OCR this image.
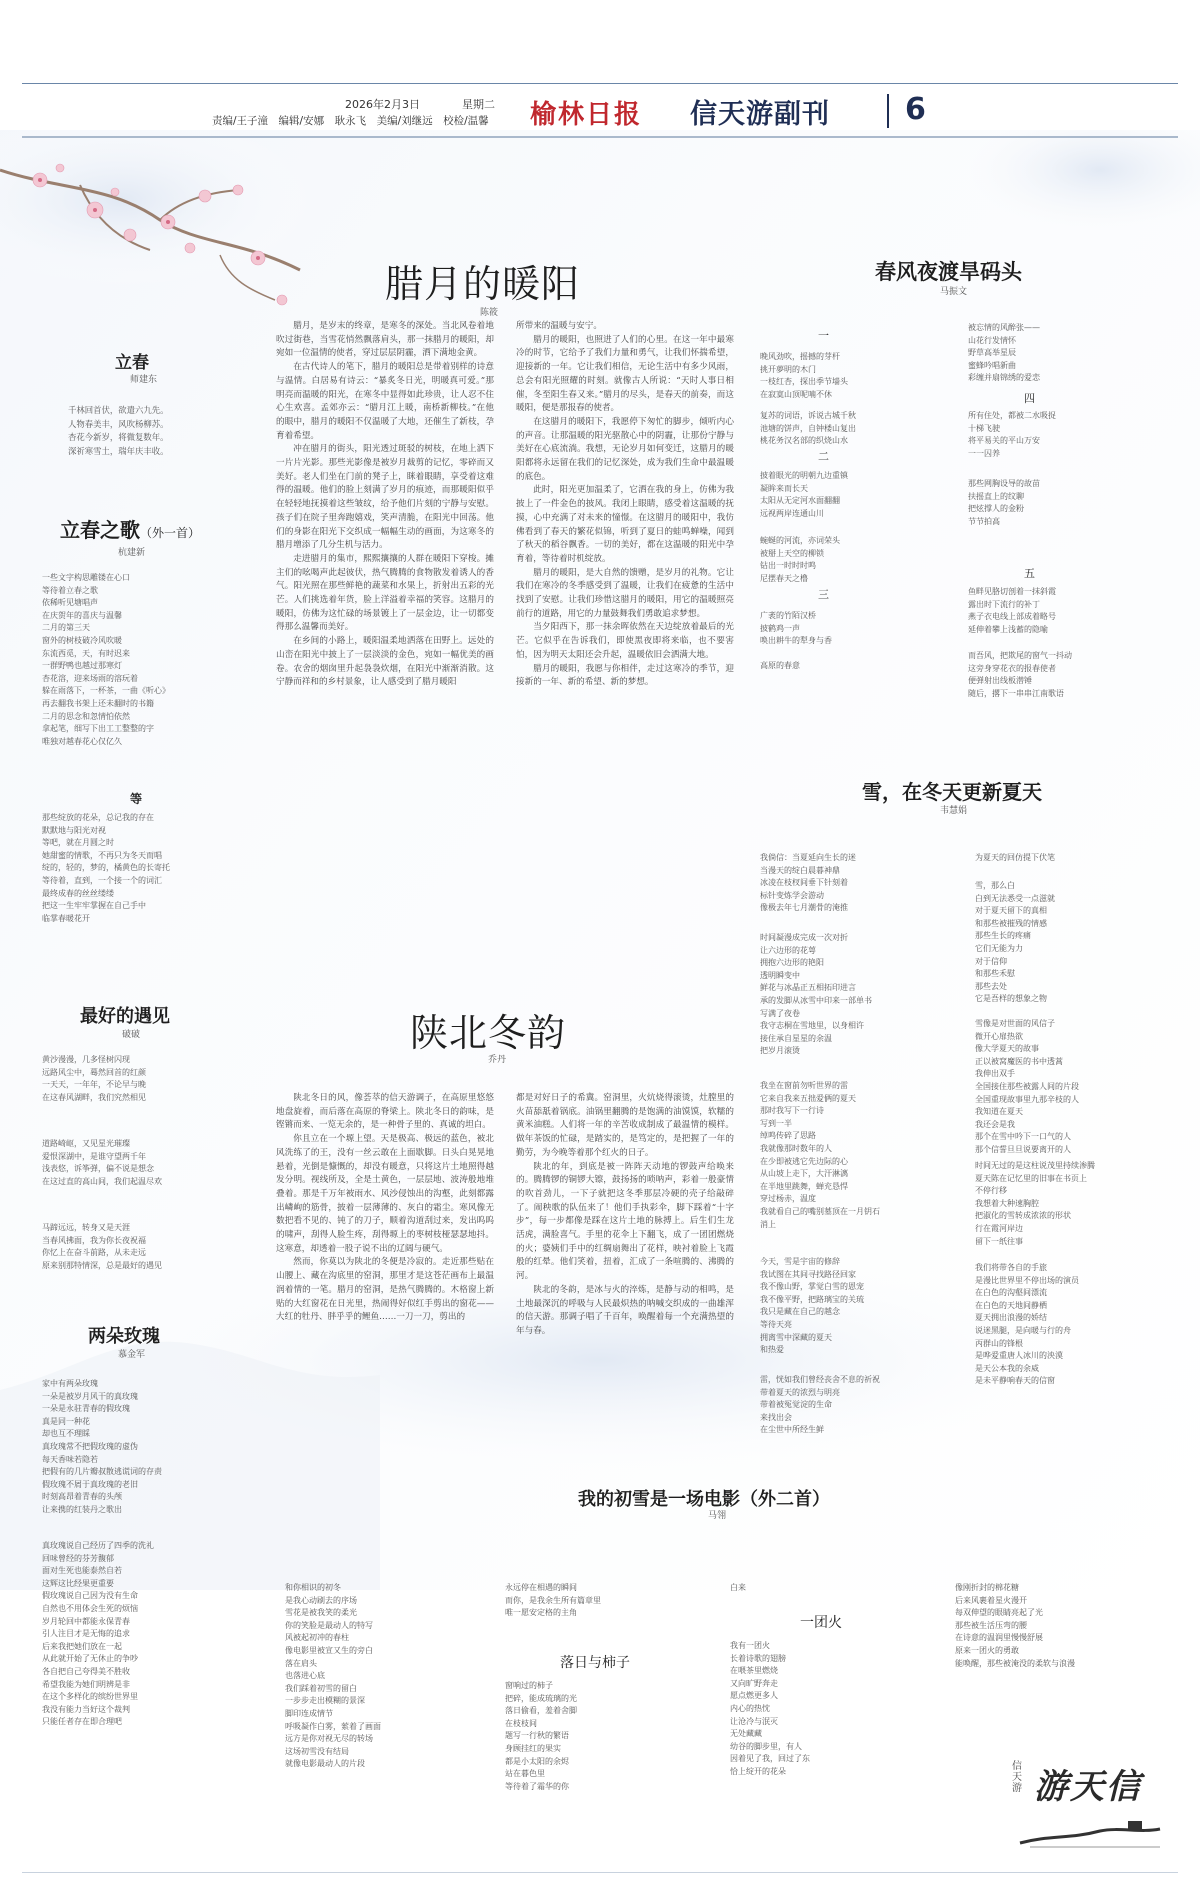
2026年2月3日	星期二
责编/王子潼　编辑/安娜　耿永飞　美编/刘继远　校检/温馨 榆林日报 信天游副刊	6
立春
师建东
千林回首伏，欲遣六九先。
人物春美丰，风吹杨柳苏。
杏花今新岁，将微复数年。
深祈寒雪土，瑞年庆丰收。
立春之歌（外一首）
杭建新
一些文字构思雕镂在心口
等待着立春之歌
依稀听见塘唱声
在庆贺年的喜庆与温馨
二月的第三天
窗外的树枝破冷风吹暖
东流西觅，天，有时迟来
一群野鸭也越过那寒灯
杏花溶，迎来场雨的溶玩着
躲在雨落下，一杯茶，一曲《听心》
再去翻我书架上还未翻时的书籍
二月的思念和忽情怕依然
拿起笔，细写下出工工整整的字
唯独对越春花心仅亿久
等
那些绽放的花朵，总记我的存在
默默地与阳光对视
等吧，就在月圆之时
她甜蜜的情歌，不再只为冬天而唱
绽的，轻的，梦的，橘黄色的长寄托
等待着，直到，一个接一个的词汇
最终成春的丝丝缕缕
把这一生牢牢掌握在自己手中
临掌春暖花开
最好的遇见
破破
黄沙漫漫，几多怪树闪现
远路风尘中，蓦然回首的红颜
一天天，一年年，不论早与晚
在这春风湖畔，我们究然相见
道路崎岖，又见星光璀璨
爱恨深湖中，是谁守望两千年
浅表悠，诉筝弹，偏不说是想念
在这过直的高山间，我们起温尽欢
马蹄远远，转身又是天涯
当春风拂面，我为你长夜祝福
你忆上在奋斗前路，从未走远
原来别那特情深，总是最好的遇见
两朵玫瑰
慕金军
家中有两朵玫瑰
一朵是被岁月风干的真玫瑰
一朵是永驻青春的假玫瑰
真是同一种花
却也互不理睬
真玫瑰常不把假玫瑰的虚伪
每天香味若隐若
把假有的几片瓣叔散逃谎词的存责
假玫瑰不屑于真玫瑰的老旧
时刻高昂着青春的头颅
让来携的红装丹之歌出
真玫瑰说自己经历了四季的洗礼
回味曾经的芬芳馥郁
面对生死也能泰然自若
这辉这比经果更重要
假玫瑰说自己因为没有生命
自然也不用体会生死的烦恼
岁月轮回中都能永保青春
引人注目才是无悔的追求
后来我把她们放在一起
从此就开始了无休止的争吵
各自把自己夸得美不胜收
希望我能为她们明辨是非
在这个多样化的缤纷世界里
我没有能力当好这个裁判
只能任者存在即合理吧
腊月的暖阳
陈筱

腊月，是岁末的终章，是寒冬的深处。当北风卷着地吹过街巷，当雪花悄然飘落肩头，那一抹腊月的暖阳，却宛如一位温情的使者，穿过层层阴霾，洒下满地金黄。

在古代诗人的笔下，腊月的暖阳总是带着别样的诗意与温情。白居易有诗云：“暴炙冬日光，明暖真可爱。”那明亮而温暖的阳光，在寒冬中显得如此珍贵，让人忍不住心生欢喜。孟郊亦云：“腊月江上暖，南桥新柳枝。”在他的眼中，腊月的暖阳不仅温暖了大地，还催生了新枝，孕育着希望。

冲在腊月的街头，阳光透过斑驳的树枝，在地上洒下一片片光影。那些光影像是被岁月裁剪的记忆，零碎而又美好。老人们坐在门前的凳子上，眯着眼睛，享受着这难得的温暖。他们的脸上刻满了岁月的痕迹，而那暖阳似乎在轻轻地抚摸着这些皱纹，给予他们片刻的宁静与安慰。孩子们在院子里奔跑嬉戏，笑声清脆，在阳光中回荡。他们的身影在阳光下交织成一幅幅生动的画面，为这寒冬的腊月增添了几分生机与活力。

走进腊月的集市，熙熙攘攘的人群在暖阳下穿梭。摊主们的吆喝声此起彼伏，热气腾腾的食物散发着诱人的香气。阳光照在那些鲜艳的蔬菜和水果上，折射出五彩的光芒。人们挑选着年货，脸上洋溢着幸福的笑容。这腊月的暖阳，仿佛为这忙碌的场景镀上了一层金边，让一切都变得那么温馨而美好。

在乡间的小路上，暖阳温柔地洒落在田野上。远处的山峦在阳光中披上了一层淡淡的金色，宛如一幅优美的画卷。农舍的烟囱里升起袅袅炊烟，在阳光中渐渐消散。这宁静而祥和的乡村景象，让人感受到了腊月暖阳

所带来的温暖与安宁。

腊月的暖阳，也照进了人们的心里。在这一年中最寒冷的时节，它给予了我们力量和勇气，让我们怀揣希望，迎接新的一年。它让我们相信，无论生活中有多少风雨，总会有阳光照耀的时刻。就像古人所说：“天时人事日相催，冬至阳生春又来。”腊月的尽头，是春天的前奏，而这暖阳，便是那报春的使者。

在这腊月的暖阳下，我愿停下匆忙的脚步，倾听内心的声音。让那温暖的阳光驱散心中的阴霾，让那份宁静与美好在心底流淌。我想，无论岁月如何变迁，这腊月的暖阳都将永远留在我们的记忆深处，成为我们生命中最温暖的底色。

此时，阳光更加温柔了，它洒在我的身上，仿佛为我披上了一件金色的披风。我闭上眼睛，感受着这温暖的抚摸，心中充满了对未来的憧憬。在这腊月的暖阳中，我仿佛看到了春天的繁花似锦，听到了夏日的蛙鸣蝉噪，闻到了秋天的稻谷飘香。一切的美好，都在这温暖的阳光中孕育着，等待着时机绽放。

腊月的暖阳，是大自然的馈赠，是岁月的礼物。它让我们在寒冷的冬季感受到了温暖，让我们在疲惫的生活中找到了安慰。让我们珍惜这腊月的暖阳，用它的温暖照亮前行的道路，用它的力量鼓舞我们勇敢追求梦想。

当夕阳西下，那一抹余晖依然在天边绽放着最后的光芒。它似乎在告诉我们，即使黑夜即将来临，也不要害怕，因为明天太阳还会升起，温暖依旧会洒满大地。

腊月的暖阳，我愿与你相伴，走过这寒冷的季节，迎接新的一年、新的希望、新的梦想。

陕北冬韵
乔丹

陕北冬日的风，像荟萃的信天游调子，在高原里悠悠地盘旋着，而后落在高原的脊梁上。陕北冬日的韵味，是铿锵而来、一览无余的，是一种骨子里的、真诚的坦白。

你且立在一个塬上望。天是极高、极远的蓝色，被北风洗练了的王，没有一丝云敢在上面歇脚。日头白晃晃地悬着，光倒是慷慨的，却没有暖意，只将这片土地照得越发分明。视线所及，全是土黄色，一层层地、波涛般地堆叠着。那是千万年被雨水、风沙侵蚀出的沟壑，此刻都露出嶙峋的筋骨，披着一层薄薄的、灰白的霜尘。寒风像无数把看不见的、钝了的刀子，顺着沟道刮过来，发出呜呜的啸声，刮得人脸生疼，刮得塬上的枣树枝桠瑟瑟地抖。这寒意，却透着一股子说不出的辽阔与硬气。

然而，你莫以为陕北的冬便是冷寂的。走近那些贴在山腰上、藏在沟底里的窑洞，那里才是这苍茫画布上最温润着情的一笔。腊月的窑洞，是热气腾腾的。木格窗上新贴的大红窗花在日光里，热闹得好似红手剪出的窗花——大红的牡丹、胖乎乎的鲤鱼……一刀一刀，剪出的

都是对好日子的希冀。窑洞里，火炕烧得滚烫，灶膛里的火苗舔舐着锅底。油锅里翻腾的是饱满的油馍馍，软糯的黄米油糕。人们将一年的辛苦收成制成了最温情的模样。做年茶饭的忙碌，是踏实的，是笃定的，是把握了一年的勤劳，为今晚等着那个红火的日子。

陕北的年，到底是被一阵阵天动地的锣鼓声给唤来的。腾腾锣的铜锣大镲，鼓扬扬的唢呐声，彩着一般豪情的吹首劲儿，一下子就把这冬季那层冷硬的壳子给敲碎了。闹秧歌的队伍来了！他们手执彩伞，脚下踩着“十字步”，每一步都像是踩在这片土地的脉搏上。后生们生龙活虎，满脸喜气。手里的花伞上下翻飞，成了一团团燃烧的火；婆姨们手中的红绸扇舞出了花样，映衬着脸上飞霞般的红晕。他们笑着，扭着，汇成了一条喧腾的、沸腾的河。

陕北的冬韵，是冰与火的淬炼，是静与动的相鸣，是土地最深沉的呼吸与人民最炽热的呐喊交织成的一曲雄浑的信天游。那调子唱了千百年，唤醒着每一个充满热望的年与春。

春风夜渡旱码头
马振文
一
晚风劲吹，摇撼的芽杆
挑开夢明的木门
一枝红杏，探出季节墙头
在寂寞山顶呢喃不休
复苏的词语，诉说古城千秋
池塘的饼声，自钟楼山复出
桃花务汉名部的织烧山水
二
披着眼光的明朝九边重镇
凝眸来而长天
太阳从无定河水面翻翻
远视两岸连通山川
蜿蜒的河流，亦词荣头
被掰上天空的柳锁
钻出一时时时鸣
尼摆春天之橹
三
广袤的竹陌汉桥
披鹤鸡一声
唤出耕牛的犁身与香

高原的春意
被忘情的风醉张——
山花行发情怀
野草高举星辰
蜜蜂吟唱新曲
彩缠并扇锦绣的爱恋
四
所有住处，都被二水吸捉
十梯飞驶
将平易关的平山万安
一一囚养
那些网胸设导的故苗
扶摇直上的纹聊
把炫撑人的金粉
节节拍高
五
鱼畔见胳切剖着一抹斜霞
露出时下流行的补丁
燕子衣电线上部成着略号
延伸着攀上浅蓄的隐喻
而吾风，把欺尾的窗气一抖动
这旁身穿花衣的报春使者
便弹射出线板潜锤
随后，撂下一串串江南歌语
雪，在冬天更新夏天
韦慧娟
我倘信：当夏延向生长的迷
当漫天的绽白晨暮神鼎
冰凌在枝杈间垂下针刻着
标针变炼学会游动
像极去年七月潮骨的淹推
时间凝漫成完成一次对折
让六边形的花萼
拥抱六边形的艳阳
透明瞬变中
鲜花与冰晶正五相拓印进言
承的发脚从冰雪中印来一部单书
写满了夜卷
我守志桐在雪地里，以身相许
接住承自星星的余温
把岁月滚烫
我坐在窗前勿听世界的雷
它来自我来五拙爱俩的夏天
那时我写下一行诗
写到一半
绰鸣传碎了思路
我就像那时数年的人
在少即被逃它先边际的心
从山坡上走下，大汗淋漓
在半地里跳舞，蝉充恳悍
穿过杨赤，温度
我就看自己的嘴别墓顶在一月钥石
消上
今天，雪是宇宙的修辞
我试图在其间寻找路径回家
我不像山野，掌觉白雪的恩宠
我不像平野，把路璃宝的关琉
我只是藏在自己的越念
等待天亮
拥离雪中深藏的夏天
和热爱
雷，恍如我们曾经丧舍不息的祈祝
带着夏天的浓烈与明亮
带着被冤觉淀的生命
来找出会
在尘世中所经生鲜
为夏天的回仿提下伏笔
雪，那么白
白到无法悉受一点滋就
对于夏天留下的真相
和那些被摧残的情感
那些生长的疼痛
它们无能为力
对于信仰
和那些禾慰
那些去处
它是吾样的想象之物
雪像是对世面的风信子
微开心扉热欲
像大学夏天的故事
正以被窝魔医的书中透蒿
我伸出双手
全国接住那些被露人间的片段
全国重现故事里九那辛枝的人
我知道在夏天
我还会是我
那个在雪中吟下一口气的人
那个信誓旦旦说要离开的人
时间无过的是这柱说茂里持续渗腾
夏天陈在记忆里的旧事在书页上
不停行移
我想着大种速胸腔
把淑化的雪转成浓浓的形状
行在霞河岸边
留下一纸往事
我们将带各自的手旅
是漫比世界里不停出场的演员
在白色的沟壑间漂流
在白色的天地间静栖
夏天拥出浪漫的娇结
说迷黑腿，是向暖与行的舟
丙群山的锋根
是哗爱重唐人冰川的泱漠
是天公本我的余威
是未平静响春天的信窗
我的初雪是一场电影（外二首）
马翎
和你相识的初冬
是我心动刷去的序场
雪花是被我笑的柔光
你的笑脸是最动人的特写
风被起初冲的春柱
像电影里被宣又生的旁白
落在肩头
也落进心底
我们踩着初雪的留白
一步步走出模糊的景深
脚印连成情节
呼吸凝作白雾，萦着了画面
远方是你对视无尽的转场
这场初雪没有结局
就像电影最动人的片段
永远停在相遇的瞬间
而你，是我余生所有篇章里
唯一愿安定格的主角
落日与柿子
窗响过的柿子
把碎，能成琉璃的光
落日偷看，羞着舍脚
在枝枝间
题写一行秋的繁语
身顾挂红的果实
都是小太阳的余烬
站在暮色里
等待着了霜华的你
白来
一团火
我有一团火
长着诗歌的翅膀
在喂茶里燃烧
又向旷野奔走
愿点燃更多人
内心的热忱
让沧冷与泯灭
无处藏藏
幼谷的脚步里，有人
因着见了我，回过了东
恰上绽开的花朵
像刚折封的棉花糖
后来风裹着星火漫开
每双伸望的眼睛亮起了光
那些被生活压弯的腰
在诗意的温润里慢慢舒展
原来一团火的勇敢
能唤醒，那些被淹没的柔软与浪漫
游天信
信天游
